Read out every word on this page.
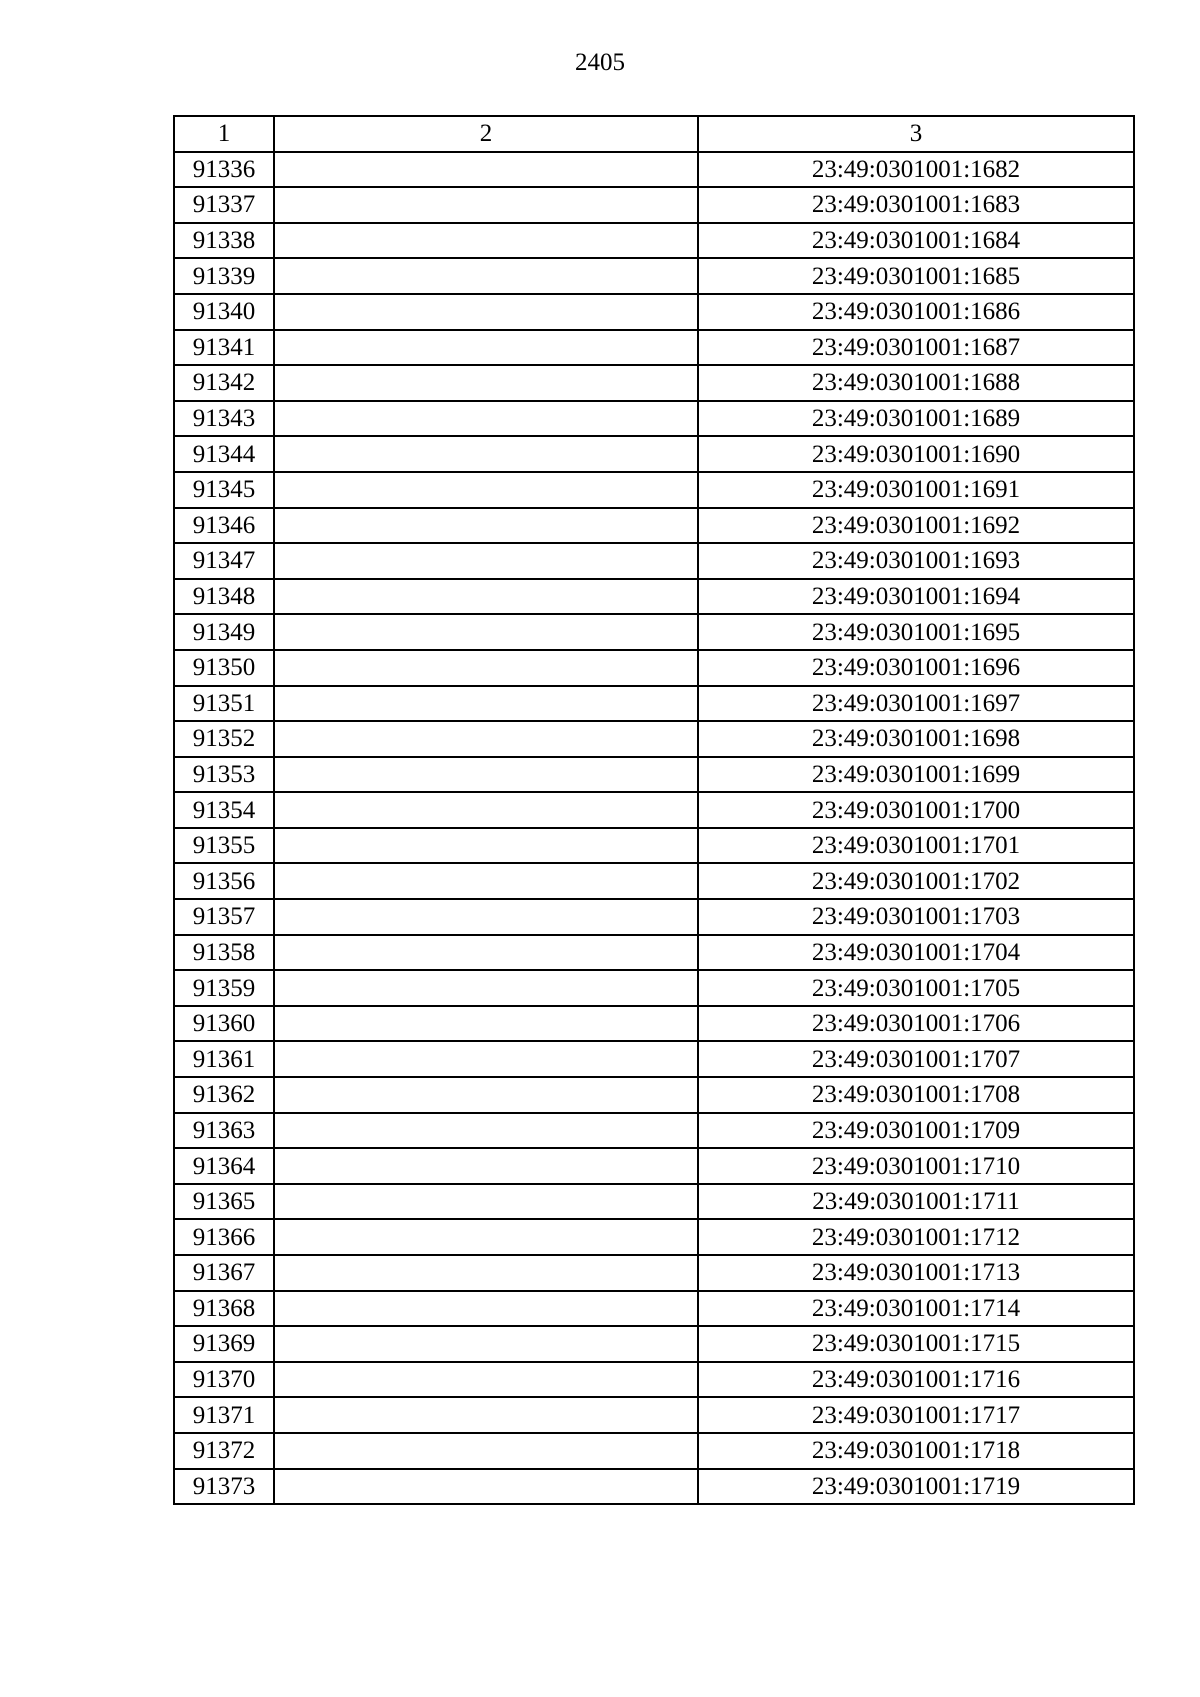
2405
1	2	3
91336		23:49:0301001:1682
91337		23:49:0301001:1683
91338		23:49:0301001:1684
91339		23:49:0301001:1685
91340		23:49:0301001:1686
91341		23:49:0301001:1687
91342		23:49:0301001:1688
91343		23:49:0301001:1689
91344		23:49:0301001:1690
91345		23:49:0301001:1691
91346		23:49:0301001:1692
91347		23:49:0301001:1693
91348		23:49:0301001:1694
91349		23:49:0301001:1695
91350		23:49:0301001:1696
91351		23:49:0301001:1697
91352		23:49:0301001:1698
91353		23:49:0301001:1699
91354		23:49:0301001:1700
91355		23:49:0301001:1701
91356		23:49:0301001:1702
91357		23:49:0301001:1703
91358		23:49:0301001:1704
91359		23:49:0301001:1705
91360		23:49:0301001:1706
91361		23:49:0301001:1707
91362		23:49:0301001:1708
91363		23:49:0301001:1709
91364		23:49:0301001:1710
91365		23:49:0301001:1711
91366		23:49:0301001:1712
91367		23:49:0301001:1713
91368		23:49:0301001:1714
91369		23:49:0301001:1715
91370		23:49:0301001:1716
91371		23:49:0301001:1717
91372		23:49:0301001:1718
91373		23:49:0301001:1719
